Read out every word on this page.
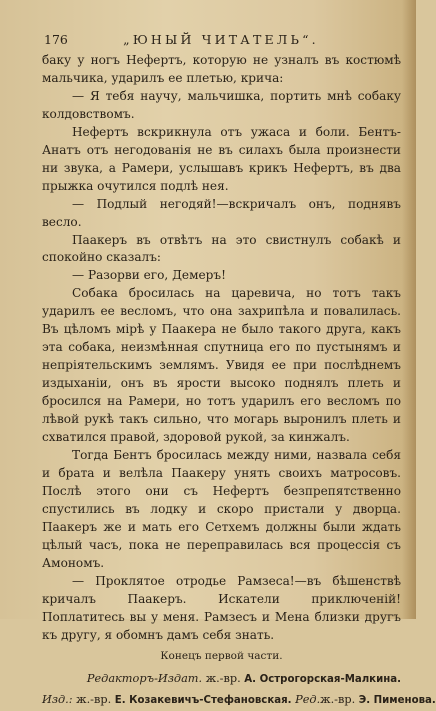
176	„ЮНЫЙ ЧИТАТЕЛЬ“.

баку у ногъ Нефертъ, которую не узналъ въ костюмѣ мальчика, ударилъ ее плетью, крича:

— Я тебя научу, мальчишка, портить мнѣ собаку колдовствомъ.

Нефертъ вскрикнула отъ ужаса и боли. Бентъ-Анатъ отъ негодованія не въ силахъ была произнести ни звука, а Рамери, услышавъ крикъ Нефертъ, въ два прыжка очутился подлѣ нея.

— Подлый негодяй!—вскричалъ онъ, поднявъ весло.

Паакеръ въ отвѣтъ на это свистнулъ собакѣ и спокойно сказалъ:

— Разорви его, Демеръ!

Собака бросилась на царевича, но тотъ такъ ударилъ ее весломъ, что она захрипѣла и повалилась. Въ цѣломъ мірѣ у Паакера не было такого друга, какъ эта собака, неизмѣнная спутница его по пустынямъ и непріятельскимъ землямъ. Увидя ее при послѣднемъ издыханіи, онъ въ ярости высоко поднялъ плеть и бросился на Рамери, но тотъ ударилъ его весломъ по лѣвой рукѣ такъ сильно, что могарь выронилъ плеть и схватился правой, здоровой рукой, за кинжалъ.

Тогда Бентъ бросилась между ними, назвала себя и брата и велѣла Паакеру унять своихъ матросовъ. Послѣ этого они съ Нефертъ безпрепятственно спустились въ лодку и скоро пристали у дворца. Паакеръ же и мать его Сетхемъ должны были ждать цѣлый часъ, пока не переправилась вся процессія съ Амономъ.

— Проклятое отродье Рамзеса!—въ бѣшенствѣ кричалъ Паакеръ. Искатели приключеній! Поплатитесь вы у меня. Рамзесъ и Мена близки другъ къ другу, я обомнъ дамъ себя знать.

Конецъ первой части.

Редакторъ-Издат. ж.-вр. А. Острогорская-Малкина.
Изд.: ж.-вр. Е. Козакевичъ-Стефановская. Ред.ж.-вр. Э. Пименова.
